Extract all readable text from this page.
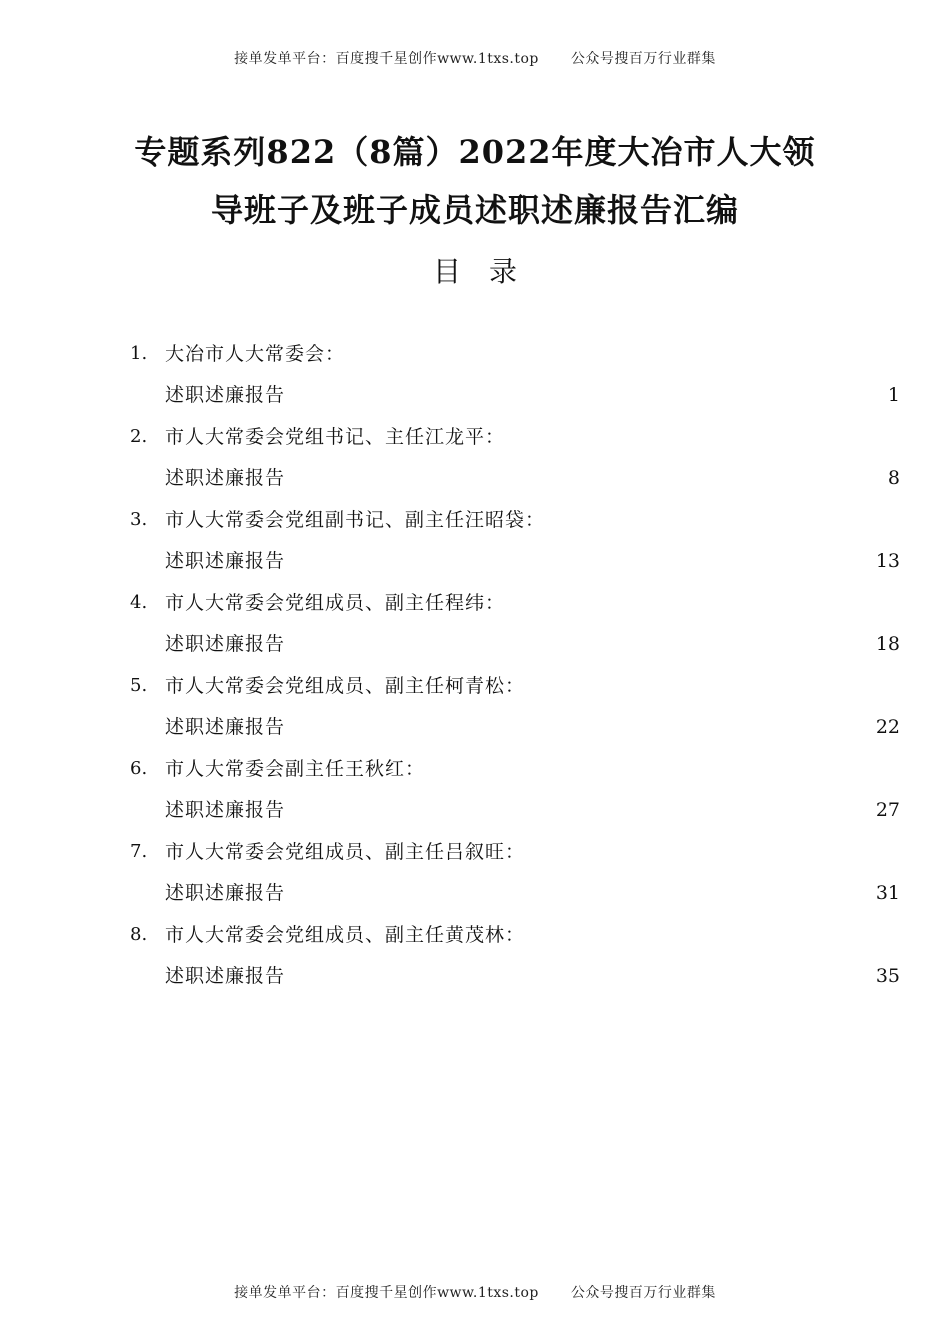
接单发单平台：百度搜千星创作www.1txs.top 公众号搜百万行业群集
专题系列822（8篇）2022年度大冶市人大领
导班子及班子成员述职述廉报告汇编
目录
1. 大冶市人大常委会：
述职述廉报告	1
2. 市人大常委会党组书记、主任江龙平：
述职述廉报告	8
3. 市人大常委会党组副书记、副主任汪昭袋：
述职述廉报告	13
4. 市人大常委会党组成员、副主任程纬：
述职述廉报告	18
5. 市人大常委会党组成员、副主任柯青松：
述职述廉报告	22
6. 市人大常委会副主任王秋红：
述职述廉报告	27
7. 市人大常委会党组成员、副主任吕叙旺：
述职述廉报告	31
8. 市人大常委会党组成员、副主任黄茂林：
述职述廉报告	35
接单发单平台：百度搜千星创作www.1txs.top 公众号搜百万行业群集
